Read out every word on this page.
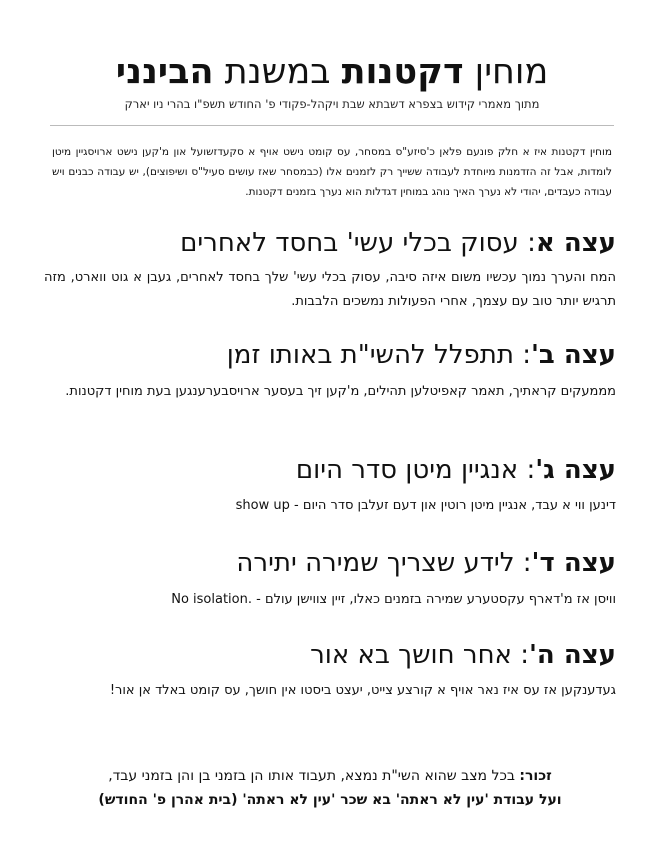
מוחין דקטנות במשנת הבינני

מתוך מאמרי קידוש בצפרא דשבתא שבת ויקהל-פקודי פ' החודש תשפ"ו בהרי ניו יארק

מוחין דקטנות איז א חלק פונעם פלאן כ'סיזע"ס במסחר, עס קומט נישט אויף א סקעדזשועל און מ'קען נישט ארויסגיין מיטן לומדות, אבל זה הזדמנות מיוחדת לעבודה ששייך רק לזמנים אלו (כבמסחר שאז עושים סעיל"ס ושיפוצים), יש עבודה כבנים ויש עבודה כעבדים, יהודי לא נערך האיך נוהג במוחין דגדלות הוא נערך בזמנים דקטנות.

עצה א: עסוק בכלי עשי' בחסד לאחרים

המח והערך נמוך עכשיו משום איזה סיבה, עסוק בכלי עשי' שלך בחסד לאחרים, געבן א גוט ווארט, מזה תרגיש יותר טוב עם עצמך, אחרי הפעולות נמשכים הלבבות.

עצה ב': תתפלל להשי"ת באותו זמן

מממעקים קראתיך, תאמר קאפיטלען תהילים, מ'קען זיך בעסער ארויסבערענגען בעת מוחין דקטנות.

עצה ג': אנגיין מיטן סדר היום

דינען ווי א עבד, אנגיין מיטן רוטין און דעם זעלבן סדר היום - show up

עצה ד': לידע שצריך שמירה יתירה

וויסן אז מ'דארף עקסטערע שמירה בזמנים כאלו, זיין צווישן עולם - No isolation.

עצה ה': אחר חושך בא אור

געדענקען אז עס איז נאר אויף א קורצע צייט, יעצט ביסטו אין חושך, עס קומט באלד אן אור!

זכור: בכל מצב שהוא השי"ת נמצא, תעבוד אותו הן בזמני בן והן בזמני עבד,
ועל עבודת 'עין לא ראתה' בא שכר 'עין לא ראתה' (בית אהרן פ' החודש)
